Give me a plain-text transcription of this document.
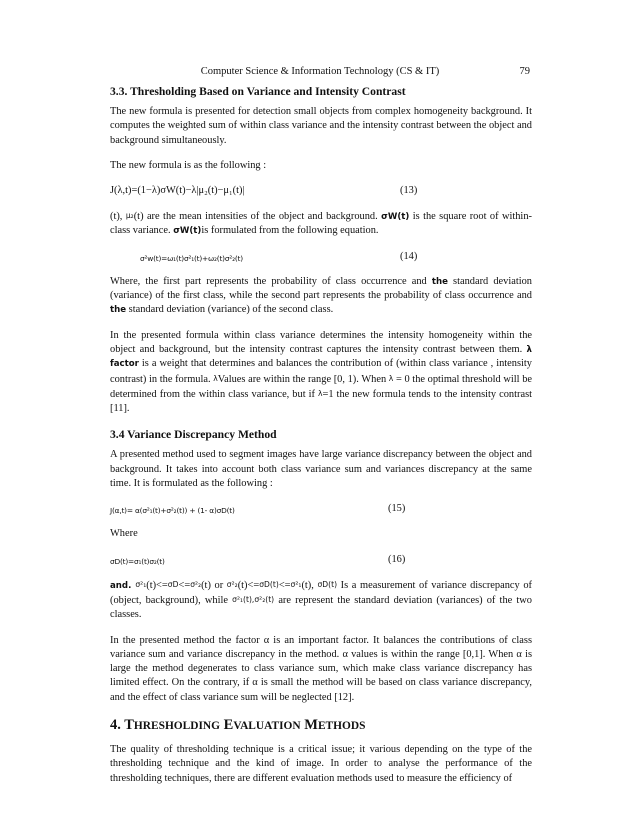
Computer Science & Information Technology (CS & IT)	79
3.3. Thresholding Based on Variance and Intensity Contrast

The new formula is presented for detection small objects from complex homogeneity background. It computes the weighted sum of within class variance and the intensity contrast between the object and background simultaneously.

The new formula is as the following :

J(λ,t)=(1−λ)σW(t)−λ|μ₂(t)−μ₁(t)|	(13)

(t), μ₂(t) are the mean intensities of the object and background. σW(t) is the square root of within-class variance. σW(t)is formulated from the following equation.

σ²w(t)=ω₁(t)σ²₁(t)+ω₂(t)σ²₂(t)	(14)

Where, the first part represents the probability of class occurrence and the standard deviation (variance) of the first class, while the second part represents the probability of class occurrence and the standard deviation (variance) of the second class.

In the presented formula within class variance determines the intensity homogeneity within the object and background, but the intensity contrast captures the intensity contrast between them. λ factor is a weight that determines and balances the contribution of (within class variance , intensity contrast) in the formula. λValues are within the range [0, 1). When λ = 0 the optimal threshold will be determined from the within class variance, but if λ=1 the new formula tends to the intensity contrast [11].

3.4 Variance Discrepancy Method

A presented method used to segment images have large variance discrepancy between the object and background. It takes into account both class variance sum and variances discrepancy at the same time. It is formulated as the following :

J(α,t)= α(σ²₁(t)+σ²₂(t)) + (1- α)σD(t)	(15)

Where

σD(t)=σ₁(t)σ₂(t)	(16)

and. σ²₁(t)<=σD<=σ²₂(t) or σ²₂(t)<=σD(t)<=σ²₁(t), σD(t) Is a measurement of variance discrepancy of (object, background), while σ²₁(t),σ²₂(t) are represent the standard deviation (variances) of the two classes.

In the presented method the factor α is an important factor. It balances the contributions of class variance sum and variance discrepancy in the method. α values is within the range [0,1]. When α is large the method degenerates to class variance sum, which make class variance discrepancy has limited effect. On the contrary, if α is small the method will be based on class variance discrepancy, and the effect of class variance sum will be neglected [12].

4. THRESHOLDING EVALUATION METHODS

The quality of thresholding technique is a critical issue; it various depending on the type of the thresholding technique and the kind of image. In order to analyse the performance of the thresholding techniques, there are different evaluation methods used to measure the efficiency of
